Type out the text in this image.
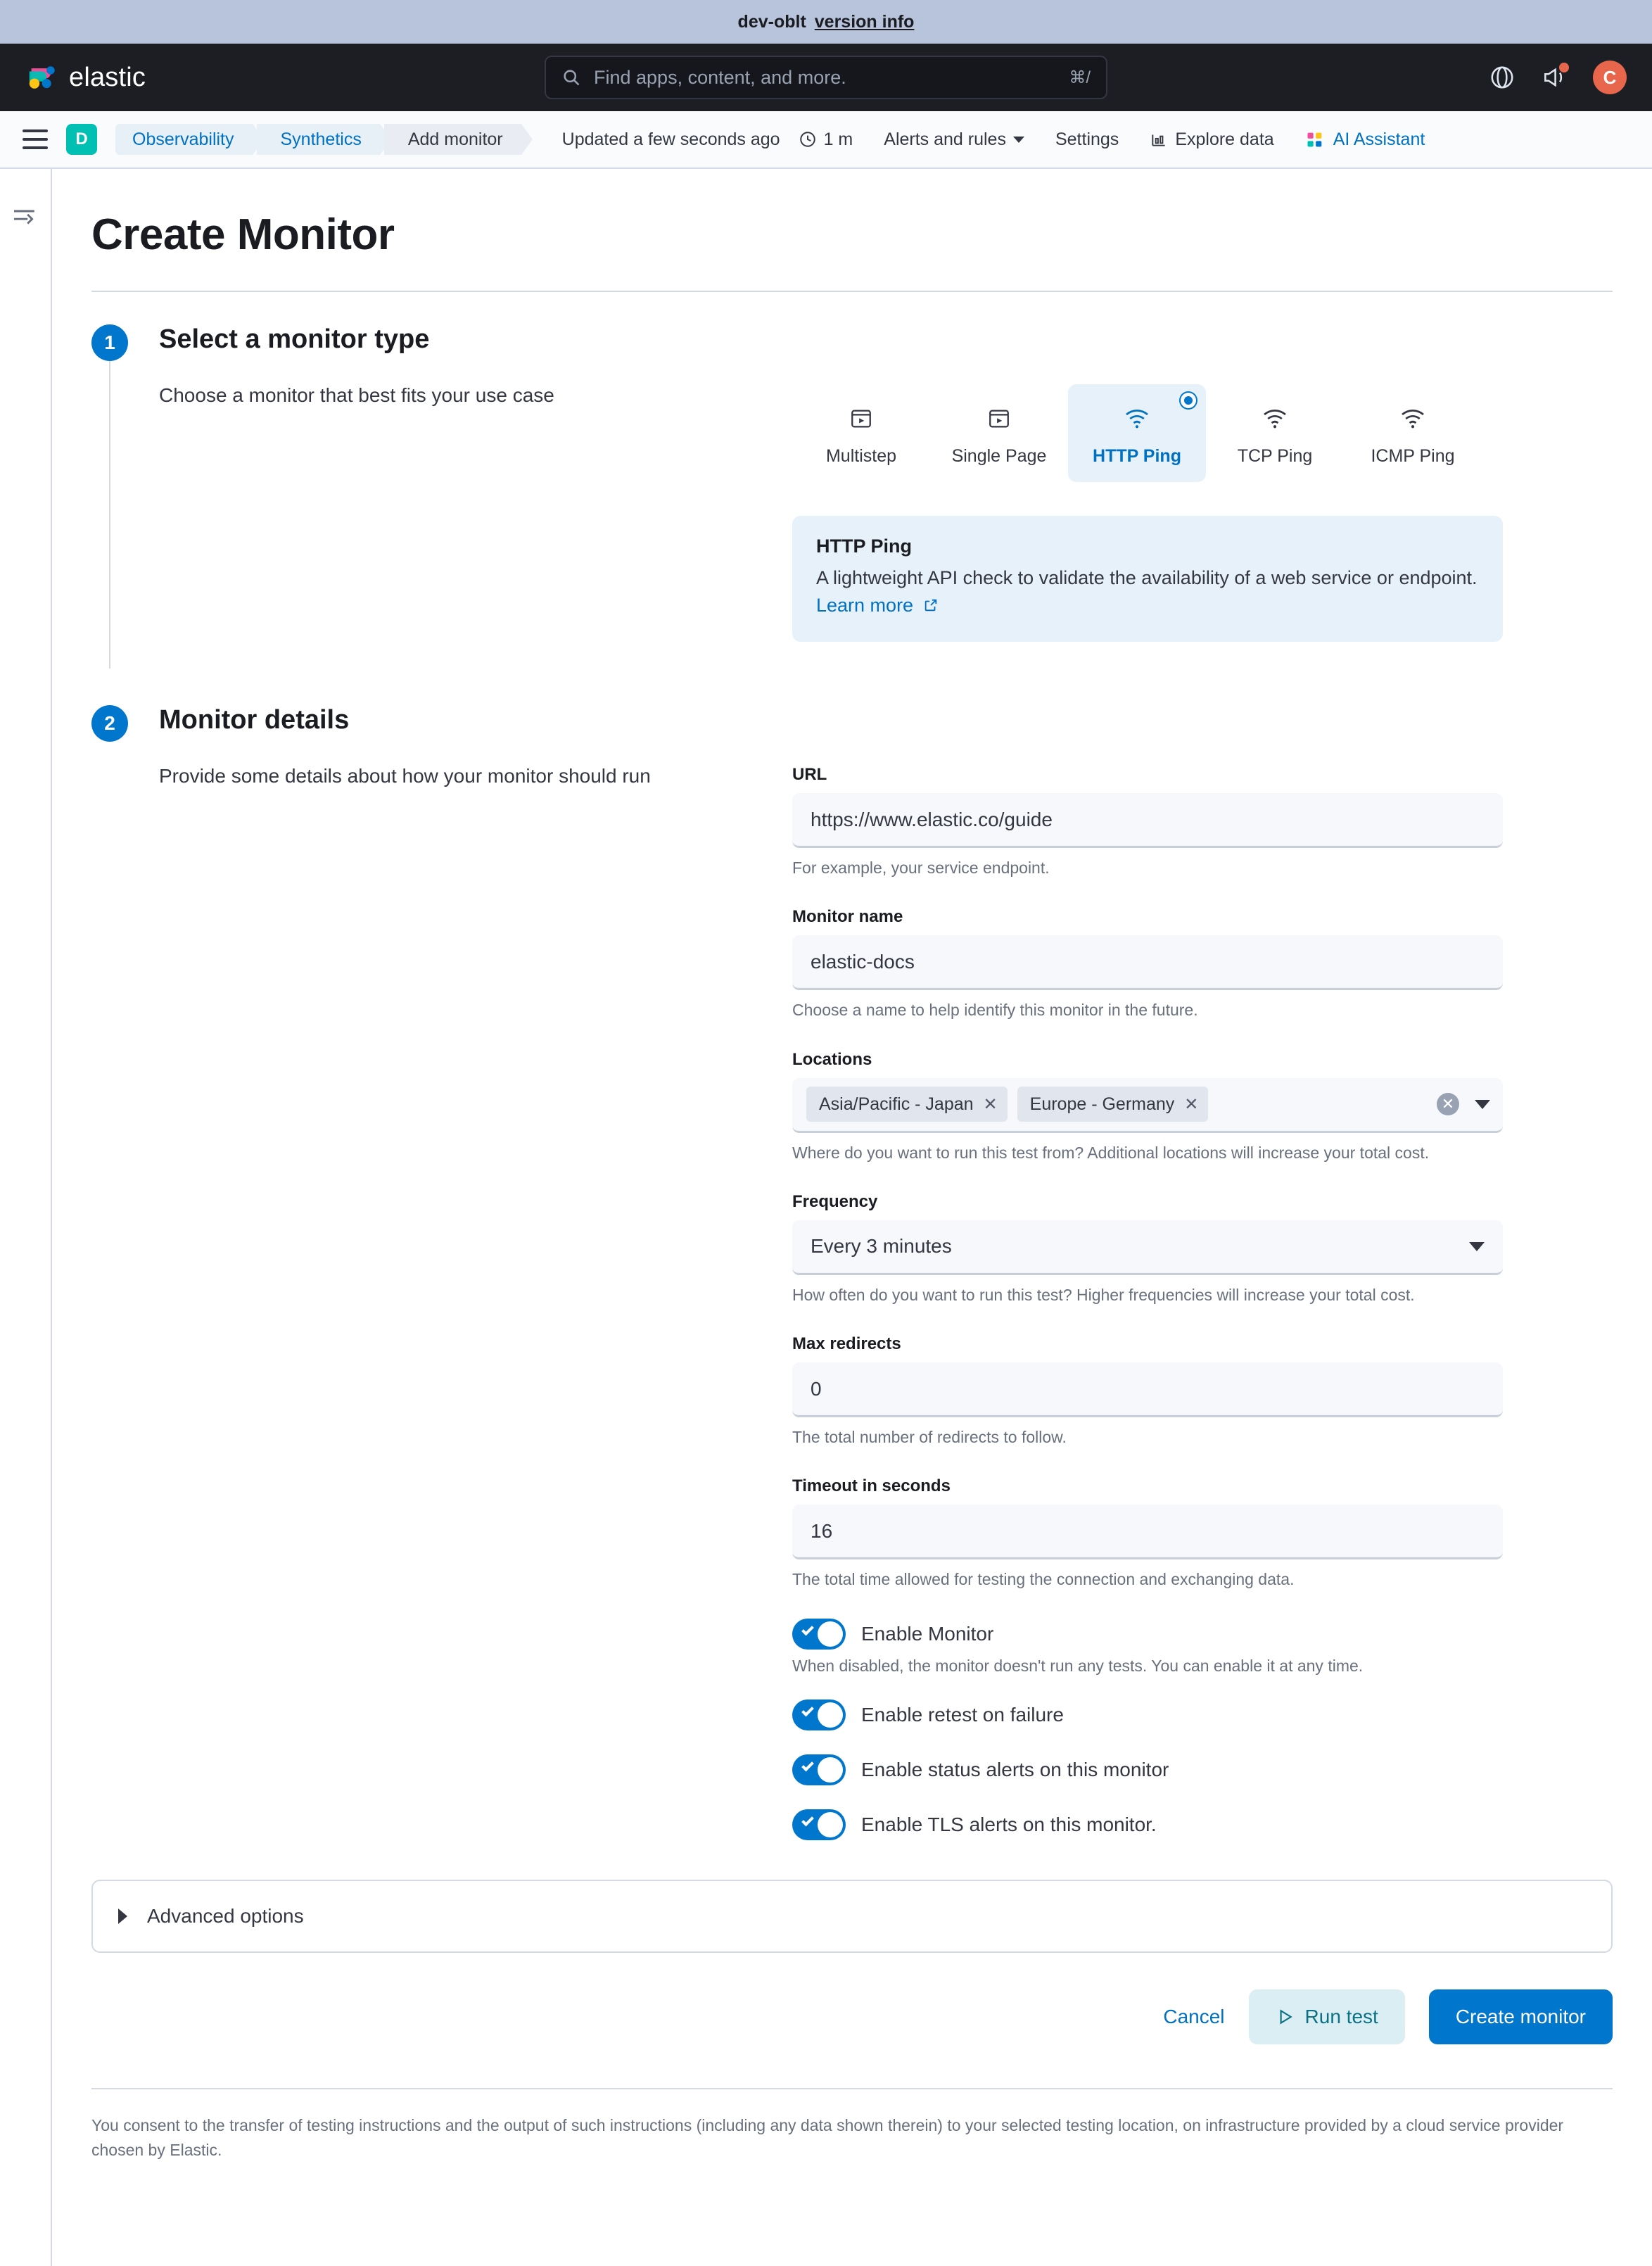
dev-oblt version info
elastic	Find apps, content, and more.	⌘/	C
D	Observability	Synthetics	Add monitor	Updated a few seconds ago 1 m Alerts and rules	Settings	Explore data	AI Assistant
Create Monitor
1	Select a monitor type
Choose a monitor that best fits your use case
Multistep	Single Page	HTTP Ping	TCP Ping	ICMP Ping
HTTP Ping
A lightweight API check to validate the availability of a web service or endpoint. Learn more
2	Monitor details
Provide some details about how your monitor should run	URL
https://www.elastic.co/guide
For example, your service endpoint.
Monitor name
elastic-docs
Choose a name to help identify this monitor in the future.
Locations
Asia/Pacific - Japan ✕ Europe - Germany ✕	✕
Where do you want to run this test from? Additional locations will increase your total cost.
Frequency
Every 3 minutes
How often do you want to run this test? Higher frequencies will increase your total cost.
Max redirects
0
The total number of redirects to follow.
Timeout in seconds
16
The total time allowed for testing the connection and exchanging data.
Enable Monitor
When disabled, the monitor doesn't run any tests. You can enable it at any time.
Enable retest on failure
Enable status alerts on this monitor
Enable TLS alerts on this monitor.
Advanced options
Cancel	Run test	Create monitor
You consent to the transfer of testing instructions and the output of such instructions (including any data shown therein) to your selected testing location, on infrastructure provided by a cloud service provider chosen by Elastic.
